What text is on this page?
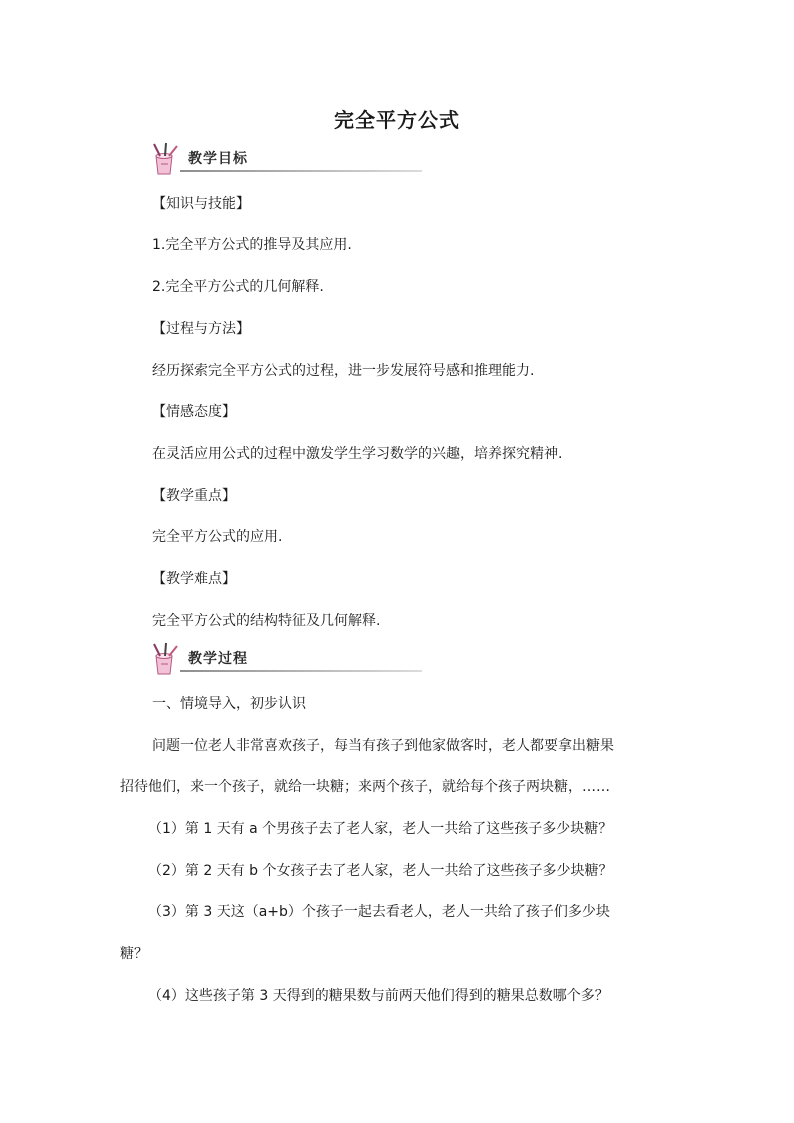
完全平方公式
教学目标
【知识与技能】
1.完全平方公式的推导及其应用.
2.完全平方公式的几何解释.
【过程与方法】
经历探索完全平方公式的过程，进一步发展符号感和推理能力.
【情感态度】
在灵活应用公式的过程中激发学生学习数学的兴趣，培养探究精神.
【教学重点】
完全平方公式的应用.
【教学难点】
完全平方公式的结构特征及几何解释.
教学过程
一、情境导入，初步认识
问题一位老人非常喜欢孩子，每当有孩子到他家做客时，老人都要拿出糖果
招待他们，来一个孩子，就给一块糖；来两个孩子，就给每个孩子两块糖，……
（1）第 1 天有 a 个男孩子去了老人家，老人一共给了这些孩子多少块糖？
（2）第 2 天有 b 个女孩子去了老人家，老人一共给了这些孩子多少块糖？
（3）第 3 天这（a+b）个孩子一起去看老人，老人一共给了孩子们多少块
糖？
（4）这些孩子第 3 天得到的糖果数与前两天他们得到的糖果总数哪个多？
